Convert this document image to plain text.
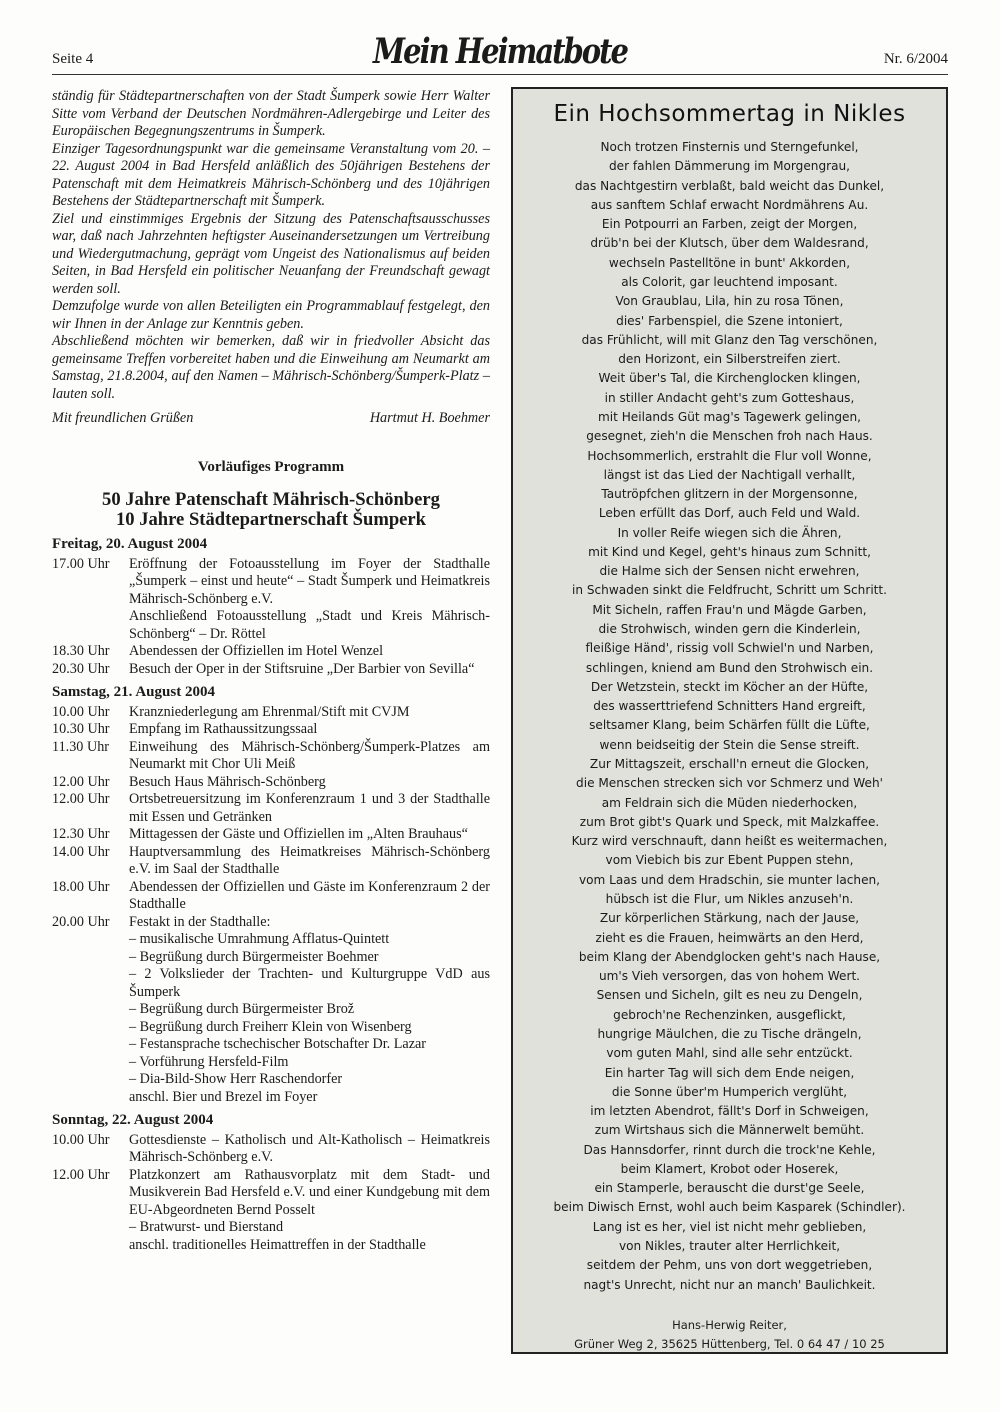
Seite 4	Mein Heimatbote	Nr. 6/2004

ständig für Städtepartnerschaften von der Stadt Šumperk sowie Herr Walter Sitte vom Verband der Deutschen Nordmähren-Adlergebirge und Leiter des Europäischen Begegnungszentrums in Šumperk.

Einziger Tagesordnungspunkt war die gemeinsame Veranstaltung vom 20. – 22. August 2004 in Bad Hersfeld anläßlich des 50jährigen Bestehens der Patenschaft mit dem Heimatkreis Mährisch-Schönberg und des 10jährigen Bestehens der Städtepartnerschaft mit Šumperk.

Ziel und einstimmiges Ergebnis der Sitzung des Patenschaftsausschusses war, daß nach Jahrzehnten heftigster Auseinandersetzungen um Vertreibung und Wiedergutmachung, geprägt vom Ungeist des Nationalismus auf beiden Seiten, in Bad Hersfeld ein politischer Neuanfang der Freundschaft gewagt werden soll.

Demzufolge wurde von allen Beteiligten ein Programmablauf festgelegt, den wir Ihnen in der Anlage zur Kenntnis geben.

Abschließend möchten wir bemerken, daß wir in friedvoller Absicht das gemeinsame Treffen vorbereitet haben und die Einweihung am Neumarkt am Samstag, 21.8.2004, auf den Namen – Mährisch-Schönberg/Šumperk-Platz – lauten soll.

Mit freundlichen Grüßen	Hartmut H. Boehmer
Vorläufiges Programm
50 Jahre Patenschaft Mährisch-Schönberg
10 Jahre Städtepartnerschaft Šumperk
Freitag, 20. August 2004
17.00 Uhr	Eröffnung der Fotoausstellung im Foyer der Stadthalle „Šumperk – einst und heute“ – Stadt Šumperk und Heimatkreis Mährisch-Schönberg e.V.
Anschließend Fotoausstellung „Stadt und Kreis Mährisch-Schönberg“ – Dr. Röttel
18.30 Uhr	Abendessen der Offiziellen im Hotel Wenzel
20.30 Uhr	Besuch der Oper in der Stiftsruine „Der Barbier von Sevilla“
Samstag, 21. August 2004
10.00 Uhr	Kranzniederlegung am Ehrenmal/Stift mit CVJM
10.30 Uhr	Empfang im Rathaussitzungssaal
11.30 Uhr	Einweihung des Mährisch-Schönberg/Šumperk-Platzes am Neumarkt mit Chor Uli Meiß
12.00 Uhr	Besuch Haus Mährisch-Schönberg
12.00 Uhr	Ortsbetreuersitzung im Konferenzraum 1 und 3 der Stadthalle mit Essen und Getränken
12.30 Uhr	Mittagessen der Gäste und Offiziellen im „Alten Brauhaus“
14.00 Uhr	Hauptversammlung des Heimatkreises Mährisch-Schönberg e.V. im Saal der Stadthalle
18.00 Uhr	Abendessen der Offiziellen und Gäste im Konferenzraum 2 der Stadthalle
20.00 Uhr	Festakt in der Stadthalle:
– musikalische Umrahmung Afflatus-Quintett
– Begrüßung durch Bürgermeister Boehmer
– 2 Volkslieder der Trachten- und Kulturgruppe VdD aus Šumperk
– Begrüßung durch Bürgermeister Brož
– Begrüßung durch Freiherr Klein von Wisenberg
– Festansprache tschechischer Botschafter Dr. Lazar
– Vorführung Hersfeld-Film
– Dia-Bild-Show Herr Raschendorfer
anschl. Bier und Brezel im Foyer
Sonntag, 22. August 2004
10.00 Uhr	Gottesdienste – Katholisch und Alt-Katholisch – Heimatkreis Mährisch-Schönberg e.V.
12.00 Uhr	Platzkonzert am Rathausvorplatz mit dem Stadt- und Musikverein Bad Hersfeld e.V. und einer Kundgebung mit dem EU-Abgeordneten Bernd Posselt
– Bratwurst- und Bierstand
anschl. traditionelles Heimattreffen in der Stadthalle
Ein Hochsommertag in Nikles
Noch trotzen Finsternis und Sterngefunkel,
der fahlen Dämmerung im Morgengrau,
das Nachtgestirn verblaßt, bald weicht das Dunkel,
aus sanftem Schlaf erwacht Nordmährens Au.
Ein Potpourri an Farben, zeigt der Morgen,
drüb'n bei der Klutsch, über dem Waldesrand,
wechseln Pastelltöne in bunt' Akkorden,
als Colorit, gar leuchtend imposant.
Von Graublau, Lila, hin zu rosa Tönen,
dies' Farbenspiel, die Szene intoniert,
das Frühlicht, will mit Glanz den Tag verschönen,
den Horizont, ein Silberstreifen ziert.
Weit über's Tal, die Kirchenglocken klingen,
in stiller Andacht geht's zum Gotteshaus,
mit Heilands Güt mag's Tagewerk gelingen,
gesegnet, zieh'n die Menschen froh nach Haus.
Hochsommerlich, erstrahlt die Flur voll Wonne,
längst ist das Lied der Nachtigall verhallt,
Tautröpfchen glitzern in der Morgensonne,
Leben erfüllt das Dorf, auch Feld und Wald.
In voller Reife wiegen sich die Ähren,
mit Kind und Kegel, geht's hinaus zum Schnitt,
die Halme sich der Sensen nicht erwehren,
in Schwaden sinkt die Feldfrucht, Schritt um Schritt.
Mit Sicheln, raffen Frau'n und Mägde Garben,
die Strohwisch, winden gern die Kinderlein,
fleißige Händ', rissig voll Schwiel'n und Narben,
schlingen, kniend am Bund den Strohwisch ein.
Der Wetzstein, steckt im Köcher an der Hüfte,
des wasserttriefend Schnitters Hand ergreift,
seltsamer Klang, beim Schärfen füllt die Lüfte,
wenn beidseitig der Stein die Sense streift.
Zur Mittagszeit, erschall'n erneut die Glocken,
die Menschen strecken sich vor Schmerz und Weh'
am Feldrain sich die Müden niederhocken,
zum Brot gibt's Quark und Speck, mit Malzkaffee.
Kurz wird verschnauft, dann heißt es weitermachen,
vom Viebich bis zur Ebent Puppen stehn,
vom Laas und dem Hradschin, sie munter lachen,
hübsch ist die Flur, um Nikles anzuseh'n.
Zur körperlichen Stärkung, nach der Jause,
zieht es die Frauen, heimwärts an den Herd,
beim Klang der Abendglocken geht's nach Hause,
um's Vieh versorgen, das von hohem Wert.
Sensen und Sicheln, gilt es neu zu Dengeln,
gebroch'ne Rechenzinken, ausgeflickt,
hungrige Mäulchen, die zu Tische drängeln,
vom guten Mahl, sind alle sehr entzückt.
Ein harter Tag will sich dem Ende neigen,
die Sonne über'm Humperich verglüht,
im letzten Abendrot, fällt's Dorf in Schweigen,
zum Wirtshaus sich die Männerwelt bemüht.
Das Hannsdorfer, rinnt durch die trock'ne Kehle,
beim Klamert, Krobot oder Hoserek,
ein Stamperle, berauscht die durst'ge Seele,
beim Diwisch Ernst, wohl auch beim Kasparek (Schindler).
Lang ist es her, viel ist nicht mehr geblieben,
von Nikles, trauter alter Herrlichkeit,
seitdem der Pehm, uns von dort weggetrieben,
nagt's Unrecht, nicht nur an manch' Baulichkeit.
Hans-Herwig Reiter,
Grüner Weg 2, 35625 Hüttenberg, Tel. 0 64 47 / 10 25
